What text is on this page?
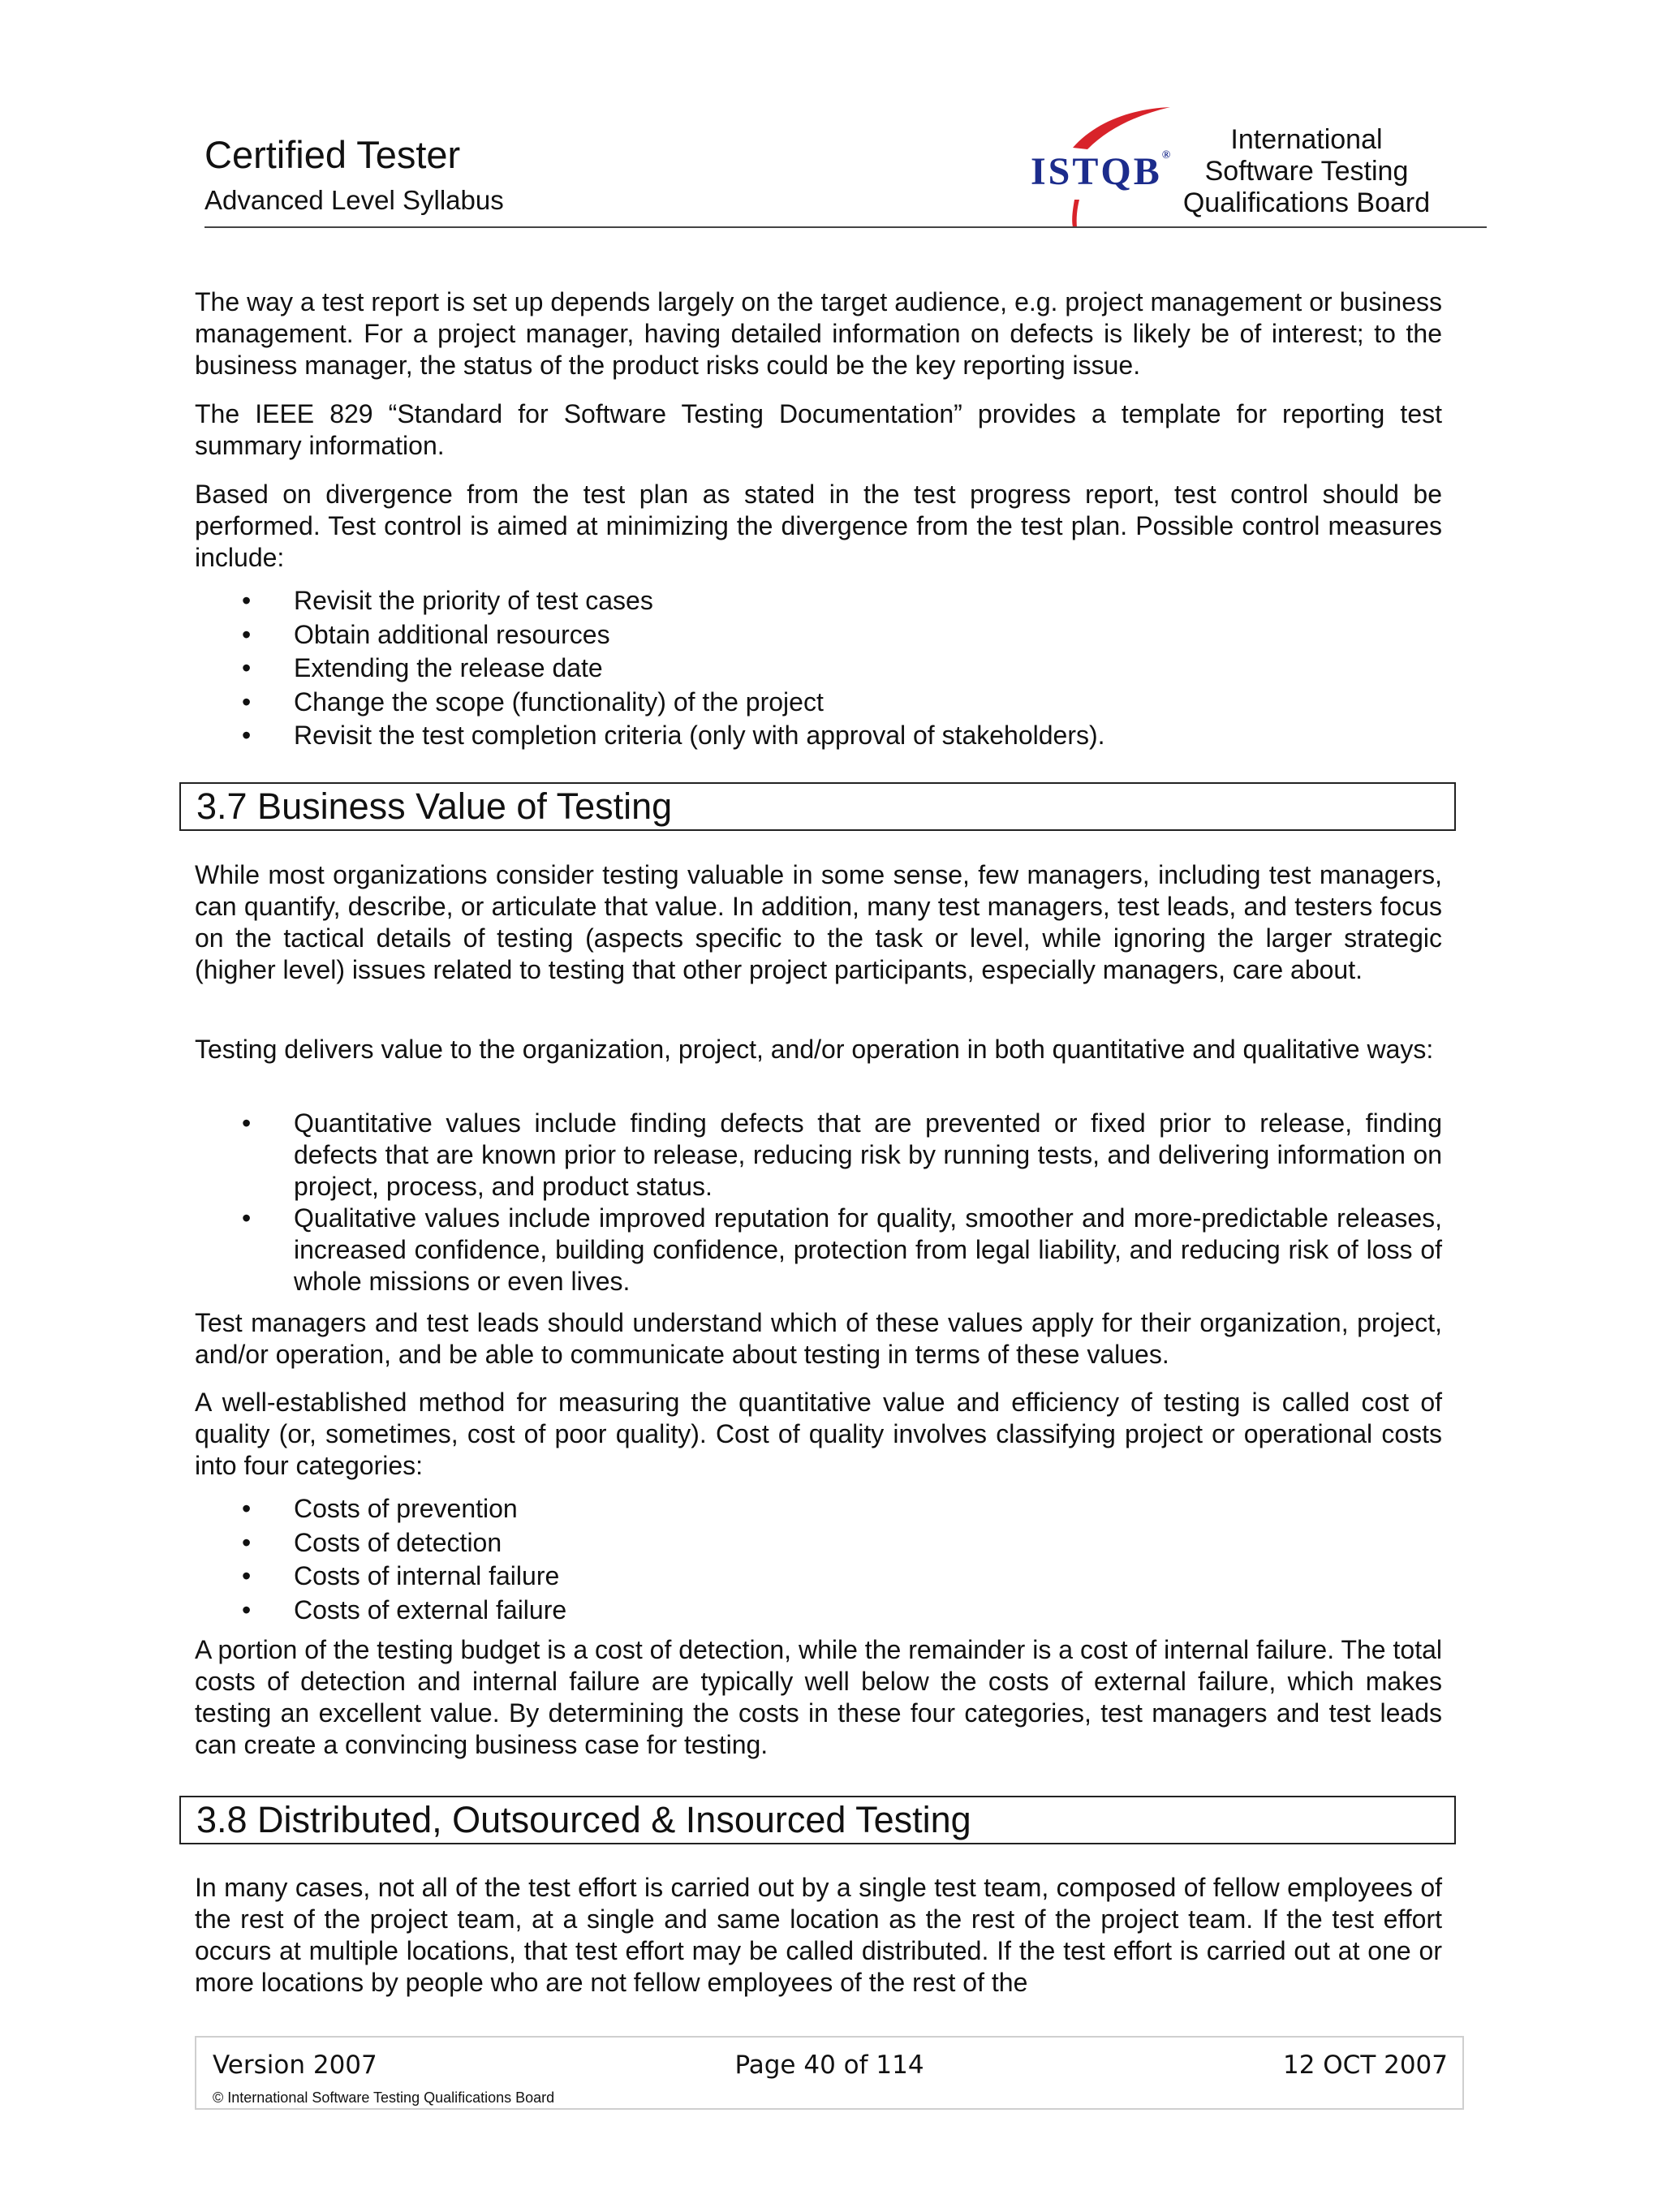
Certified Tester
Advanced Level Syllabus
ISTQB®
International
Software Testing
Qualifications Board

The way a test report is set up depends largely on the target audience, e.g. project management or business management. For a project manager, having detailed information on defects is likely be of interest; to the business manager, the status of the product risks could be the key reporting issue.

The IEEE 829 “Standard for Software Testing Documentation” provides a template for reporting test summary information.

Based on divergence from the test plan as stated in the test progress report, test control should be performed. Test control is aimed at minimizing the divergence from the test plan. Possible control measures include:

• Revisit the priority of test cases
• Obtain additional resources
• Extending the release date
• Change the scope (functionality) of the project
• Revisit the test completion criteria (only with approval of stakeholders).
3.7 Business Value of Testing

While most organizations consider testing valuable in some sense, few managers, including test managers, can quantify, describe, or articulate that value. In addition, many test managers, test leads, and testers focus on the tactical details of testing (aspects specific to the task or level, while ignoring the larger strategic (higher level) issues related to testing that other project participants, especially managers, care about.

Testing delivers value to the organization, project, and/or operation in both quantitative and qualitative ways:

• Quantitative values include finding defects that are prevented or fixed prior to release, finding defects that are known prior to release, reducing risk by running tests, and delivering information on project, process, and product status.
• Qualitative values include improved reputation for quality, smoother and more-predictable releases, increased confidence, building confidence, protection from legal liability, and reducing risk of loss of whole missions or even lives.

Test managers and test leads should understand which of these values apply for their organization, project, and/or operation, and be able to communicate about testing in terms of these values.

A well-established method for measuring the quantitative value and efficiency of testing is called cost of quality (or, sometimes, cost of poor quality). Cost of quality involves classifying project or operational costs into four categories:

• Costs of prevention
• Costs of detection
• Costs of internal failure
• Costs of external failure

A portion of the testing budget is a cost of detection, while the remainder is a cost of internal failure. The total costs of detection and internal failure are typically well below the costs of external failure, which makes testing an excellent value. By determining the costs in these four categories, test managers and test leads can create a convincing business case for testing.

3.8 Distributed, Outsourced & Insourced Testing

In many cases, not all of the test effort is carried out by a single test team, composed of fellow employees of the rest of the project team, at a single and same location as the rest of the project team. If the test effort occurs at multiple locations, that test effort may be called distributed. If the test effort is carried out at one or more locations by people who are not fellow employees of the rest of the

Page 40 of 114
Version 2007	12 OCT 2007
© International Software Testing Qualifications Board
